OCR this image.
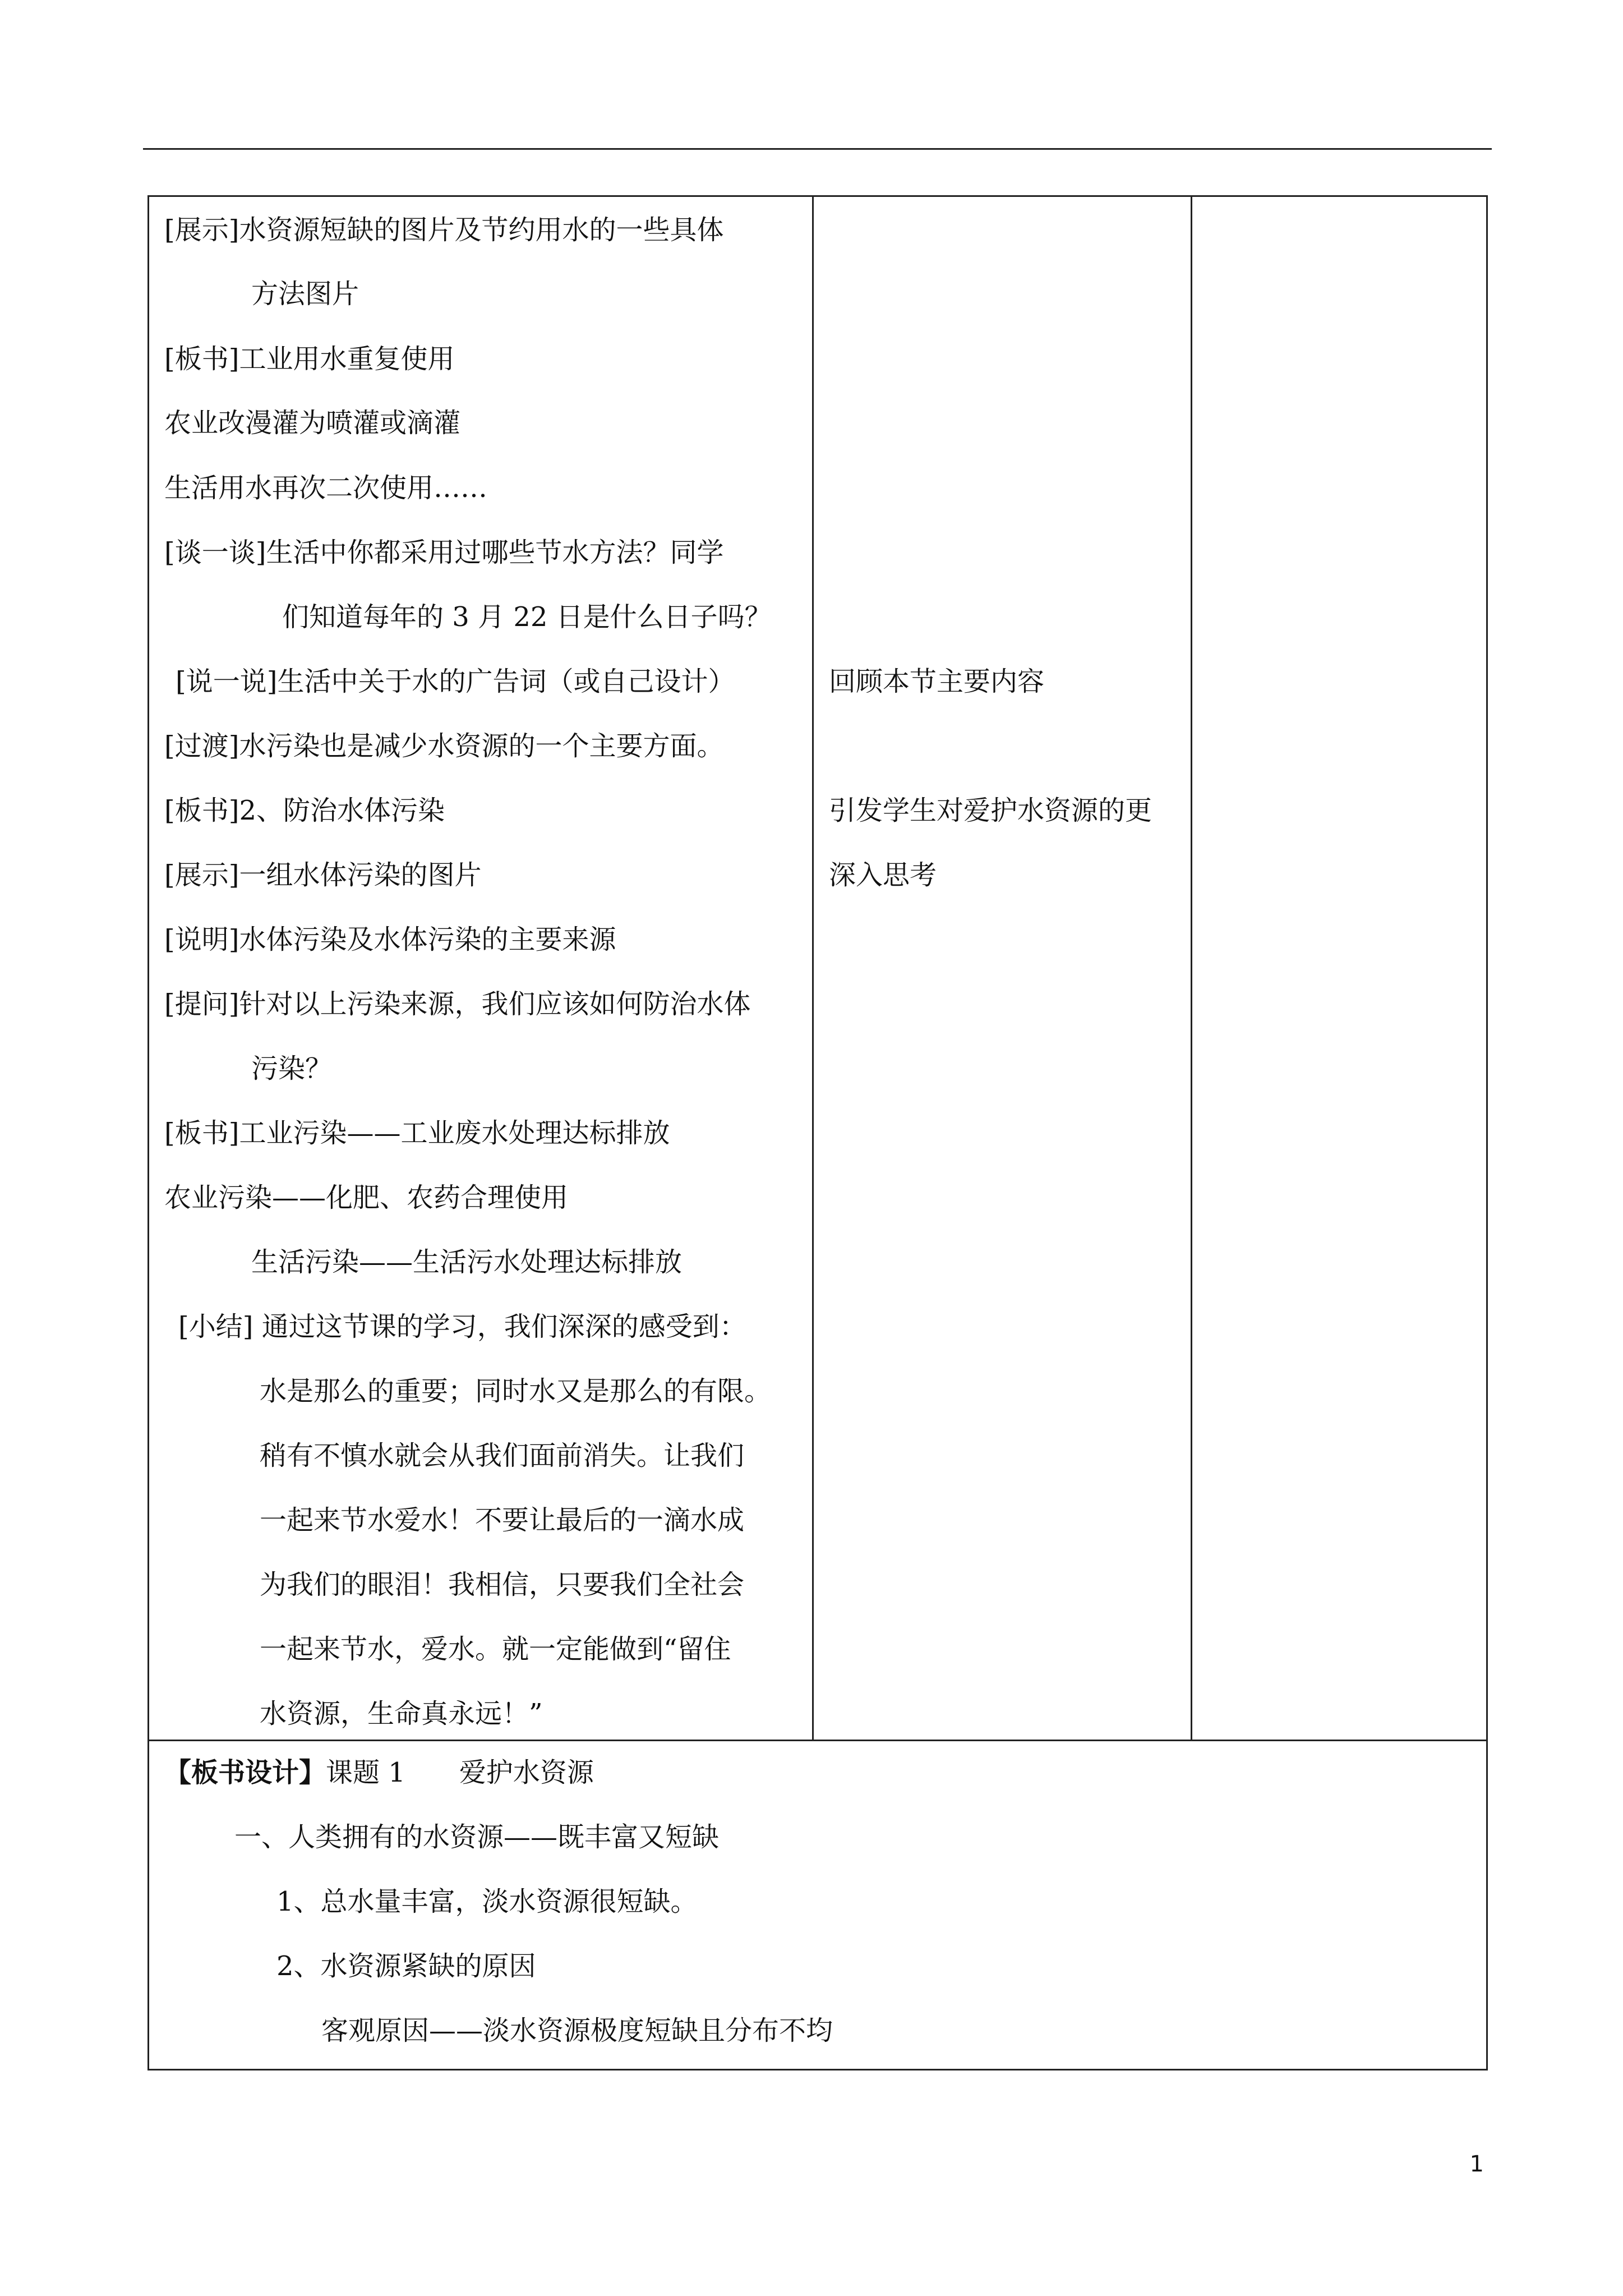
[展示]水资源短缺的图片及节约用水的一些具体
方法图片
[板书]工业用水重复使用
农业改漫灌为喷灌或滴灌
生活用水再次二次使用……
[谈一谈]生活中你都采用过哪些节水方法？同学
们知道每年的 3 月 22 日是什么日子吗？
[说一说]生活中关于水的广告词（或自己设计）
[过渡]水污染也是减少水资源的一个主要方面。
[板书]2、防治水体污染
[展示]一组水体污染的图片
[说明]水体污染及水体污染的主要来源
[提问]针对以上污染来源，我们应该如何防治水体
污染？
[板书]工业污染——工业废水处理达标排放
农业污染——化肥、农药合理使用
生活污染——生活污水处理达标排放
[小结] 通过这节课的学习，我们深深的感受到：
水是那么的重要；同时水又是那么的有限。
稍有不慎水就会从我们面前消失。让我们
一起来节水爱水！不要让最后的一滴水成
为我们的眼泪！我相信，只要我们全社会
一起来节水，爱水。就一定能做到“留住
水资源，生命真永远！”
回顾本节主要内容
引发学生对爱护水资源的更
深入思考
【板书设计】课题 1　　爱护水资源
一、人类拥有的水资源——既丰富又短缺
1、总水量丰富，淡水资源很短缺。
2、水资源紧缺的原因
客观原因——淡水资源极度短缺且分布不均
1
